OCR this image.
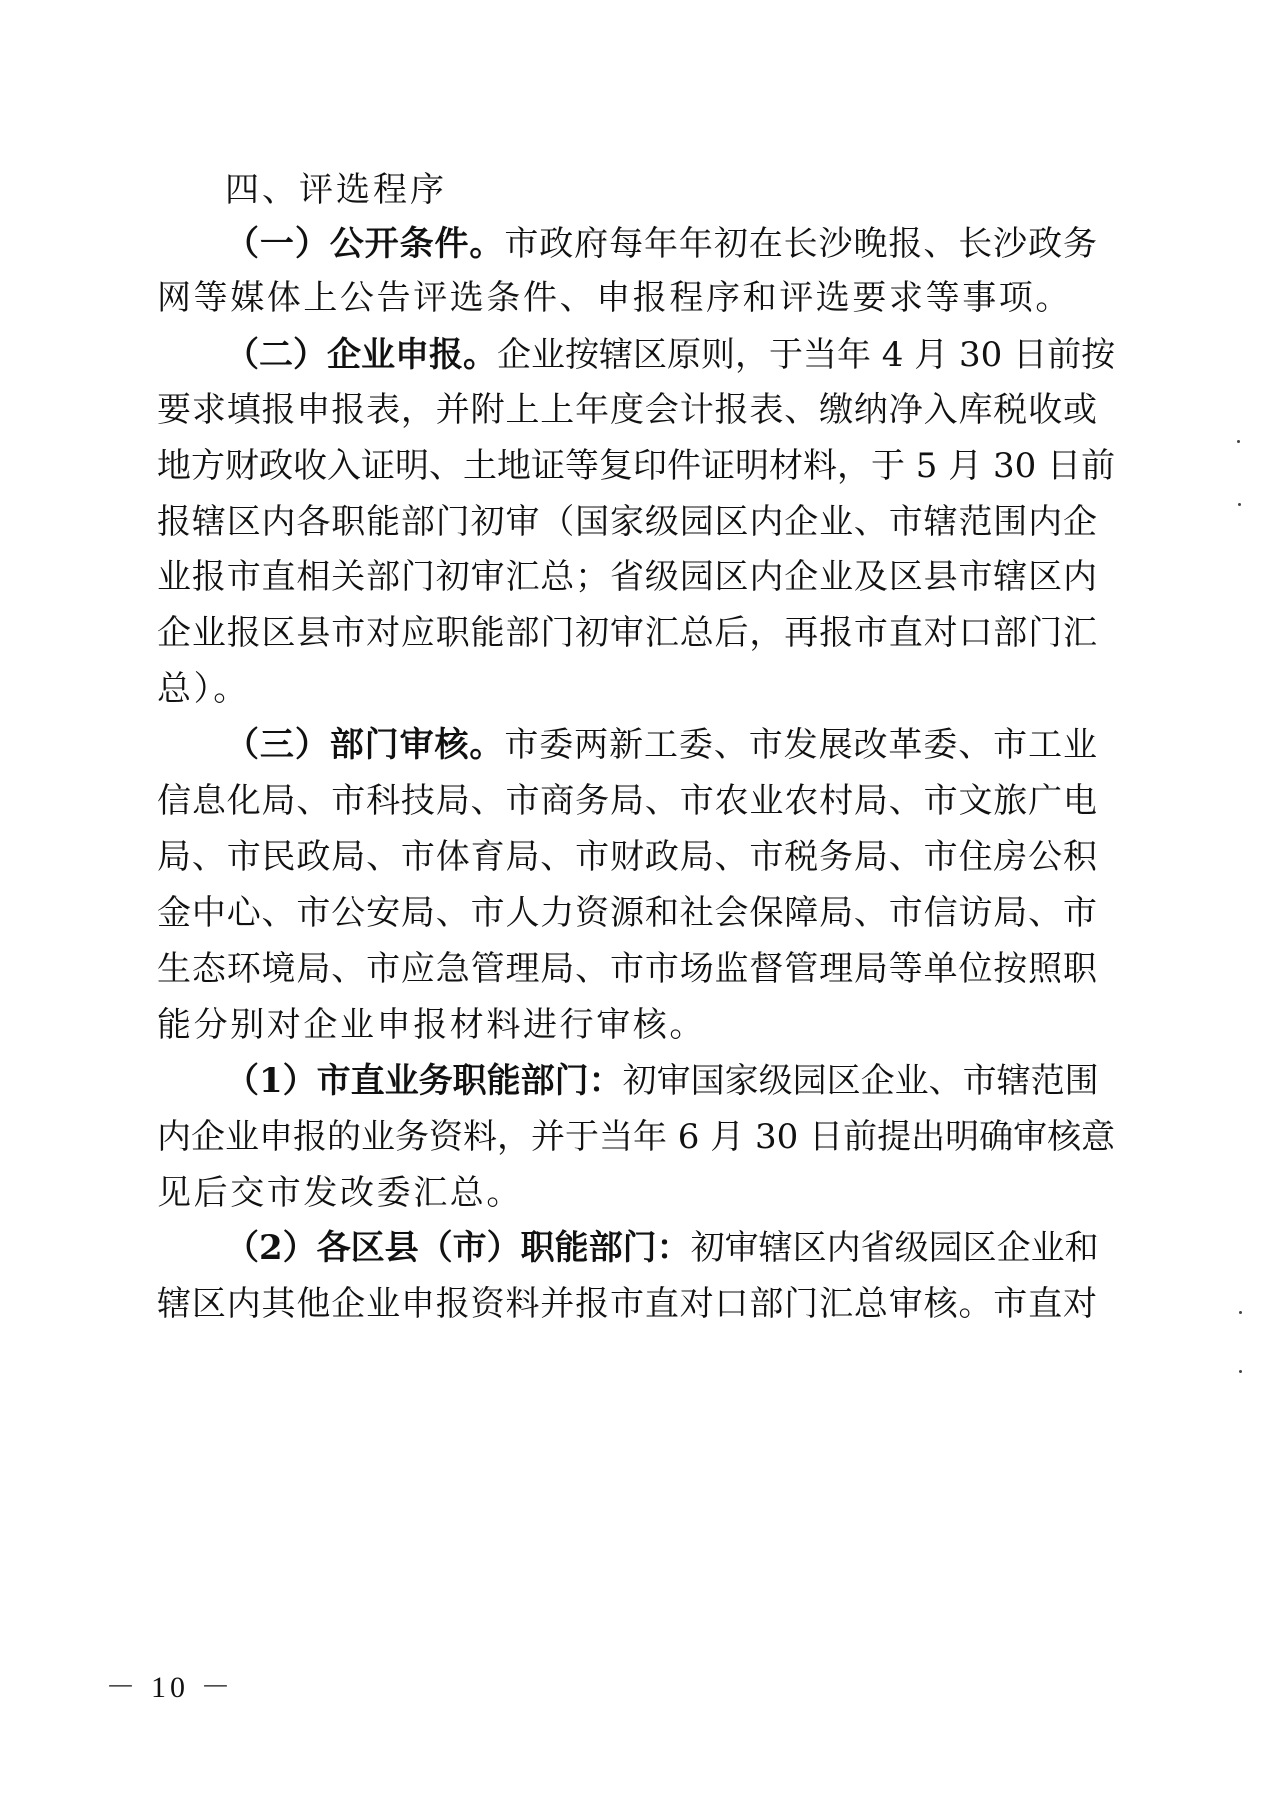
四、评选程序
（一）公开条件。市政府每年年初在长沙晚报、长沙政务
网等媒体上公告评选条件、申报程序和评选要求等事项。
（二）企业申报。企业按辖区原则，于当年 4 月 30 日前按
要求填报申报表，并附上上年度会计报表、缴纳净入库税收或
地方财政收入证明、土地证等复印件证明材料，于 5 月 30 日前
报辖区内各职能部门初审（国家级园区内企业、市辖范围内企
业报市直相关部门初审汇总；省级园区内企业及区县市辖区内
企业报区县市对应职能部门初审汇总后，再报市直对口部门汇
总）。
（三）部门审核。市委两新工委、市发展改革委、市工业
信息化局、市科技局、市商务局、市农业农村局、市文旅广电
局、市民政局、市体育局、市财政局、市税务局、市住房公积
金中心、市公安局、市人力资源和社会保障局、市信访局、市
生态环境局、市应急管理局、市市场监督管理局等单位按照职
能分别对企业申报材料进行审核。
（1）市直业务职能部门：初审国家级园区企业、市辖范围
内企业申报的业务资料，并于当年 6 月 30 日前提出明确审核意
见后交市发改委汇总。
（2）各区县（市）职能部门：初审辖区内省级园区企业和
辖区内其他企业申报资料并报市直对口部门汇总审核。市直对
－ 10 －
